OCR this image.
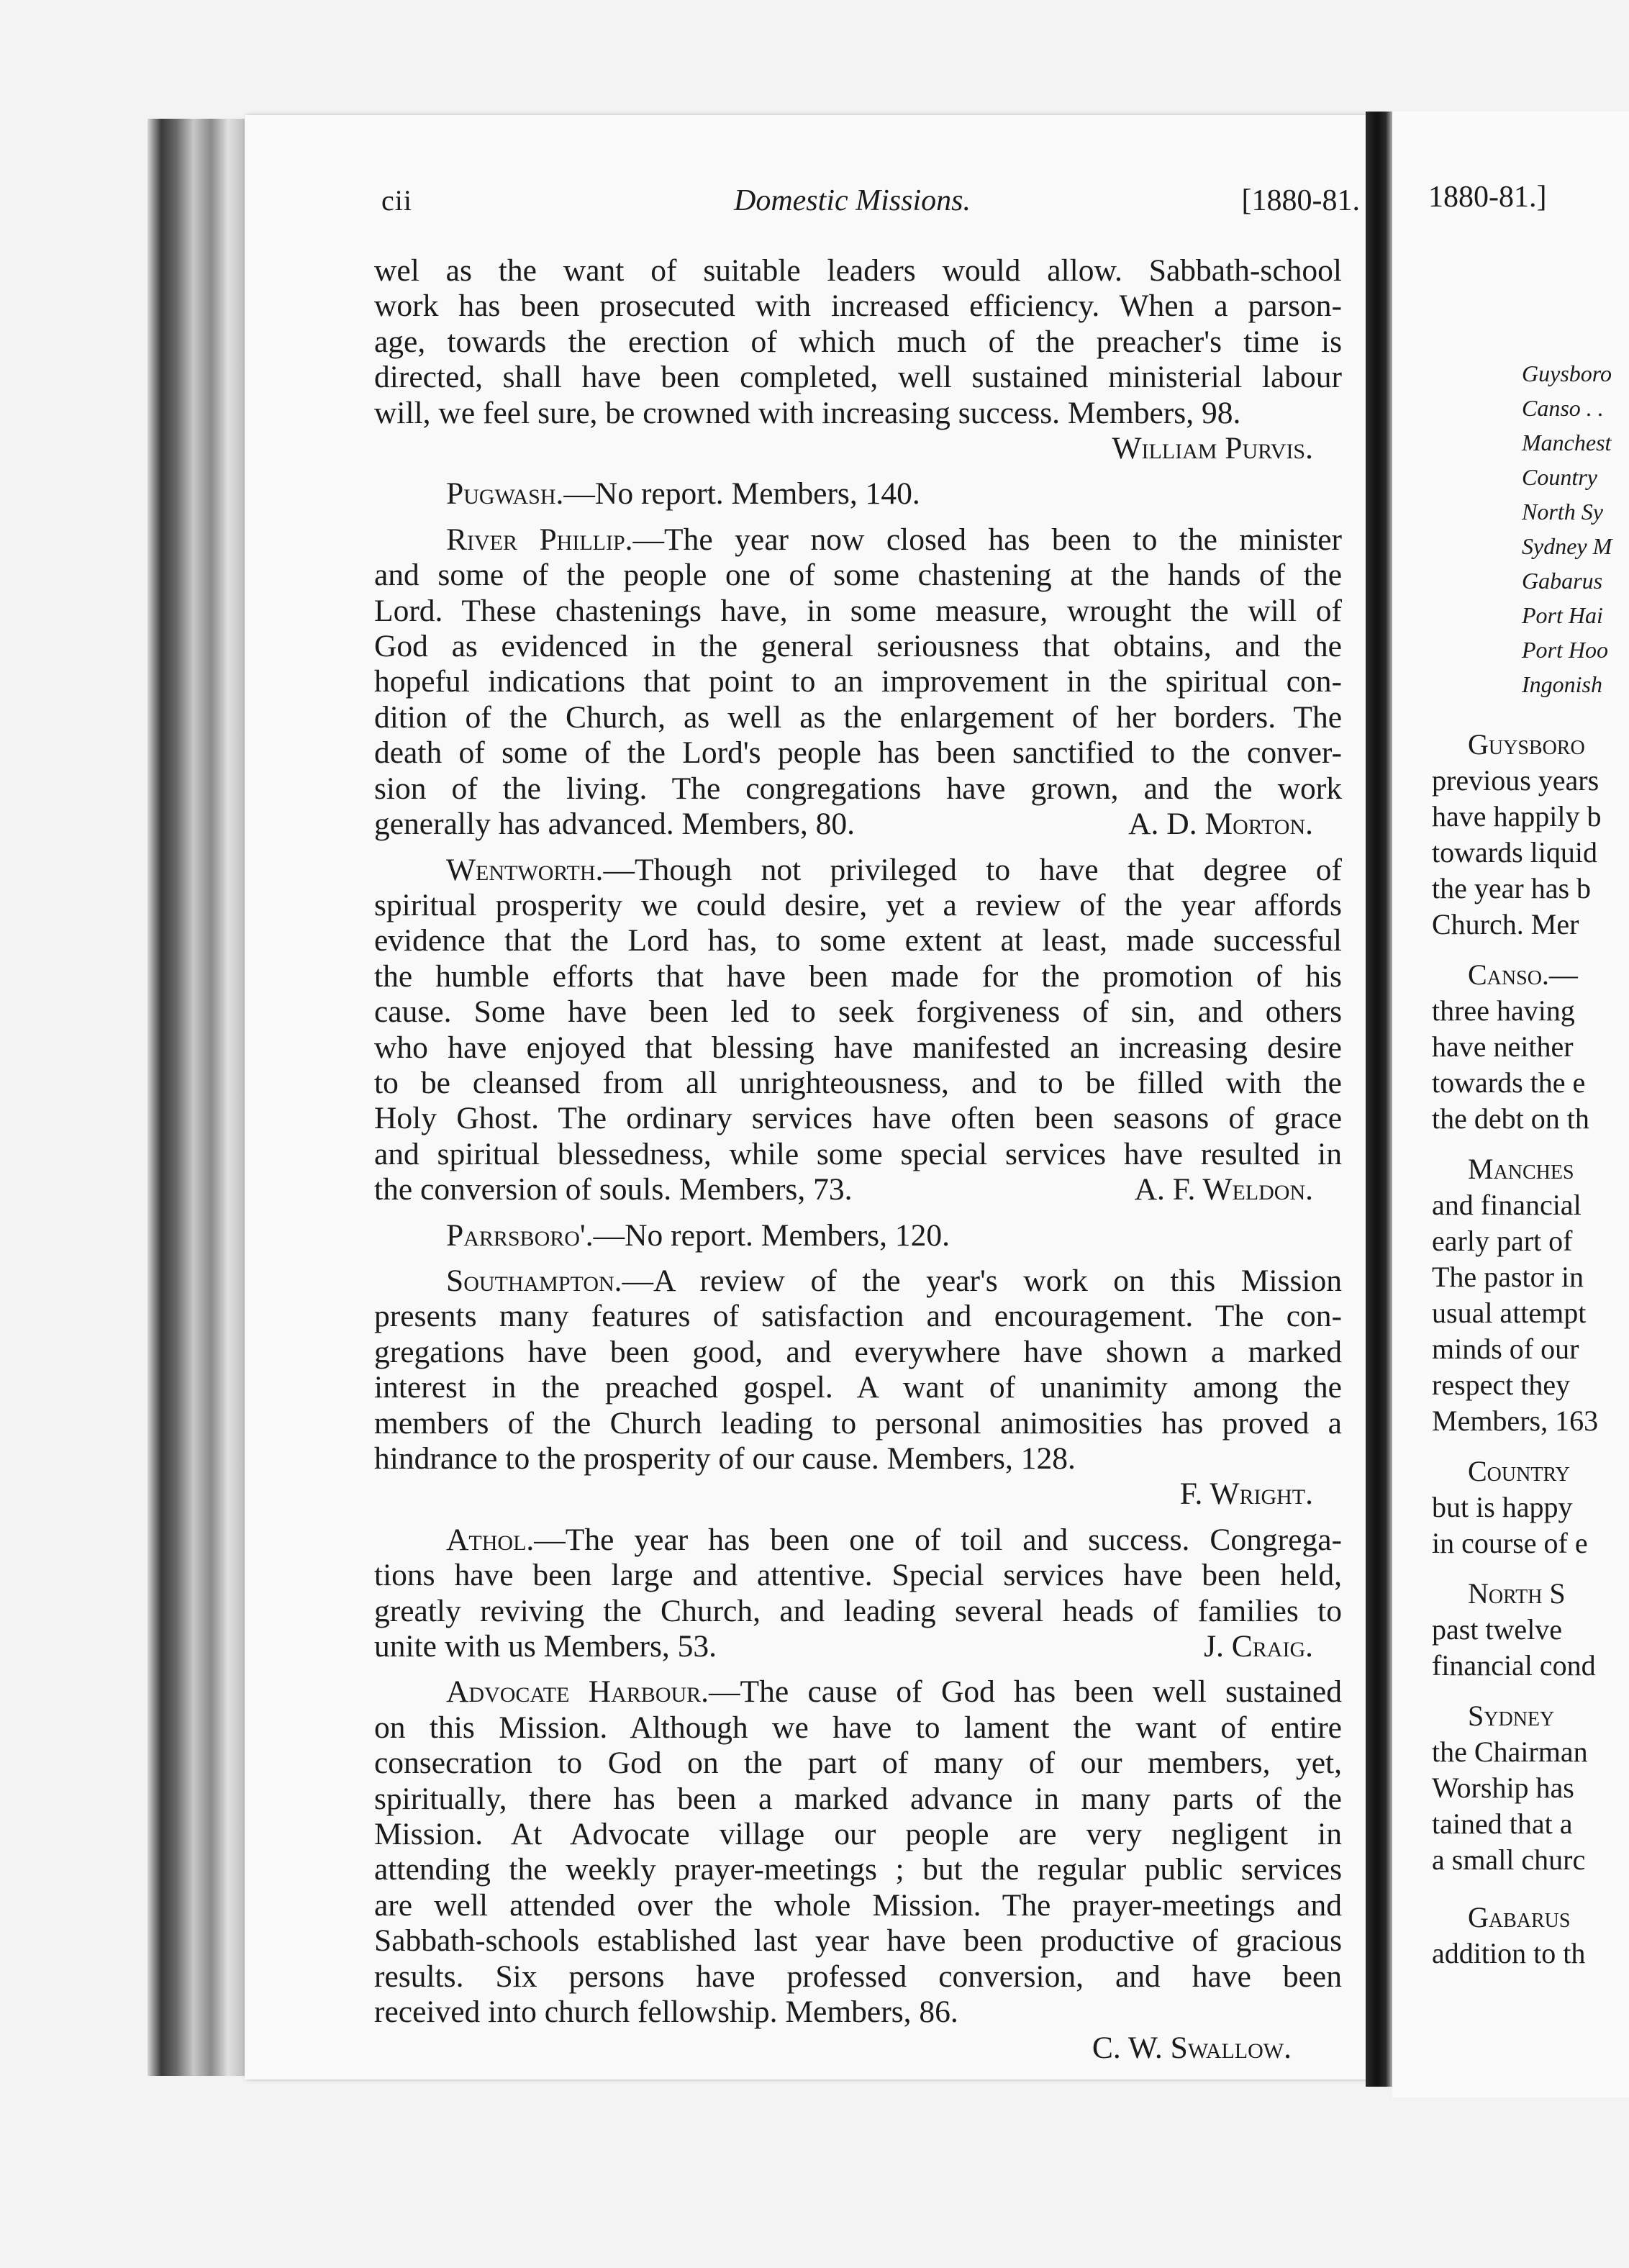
1880-81.]
Guysboro
Canso . .
Manchest
Country
North Sy
Sydney M
Gabarus
Port Hai
Port Hoo
Ingonish
Guysboro
previous years
have happily b
towards liquid
the year has b
Church. Mer
Canso.—
three having
have neither
towards the e
the debt on th
Manches
and financial
early part of
The pastor in
usual attempt
minds of our
respect they
Members, 163
Country
but is happy
in course of e
North S
past twelve
financial cond
Sydney
the Chairman
Worship has
tained that a
a small churc
Gabarus
addition to th
cii	Domestic Missions.	[1880-81.
wel as the want of suitable leaders would allow. Sabbath-school
work has been prosecuted with increased efficiency. When a parson-
age, towards the erection of which much of the preacher's time is
directed, shall have been completed, well sustained ministerial labour
will, we feel sure, be crowned with increasing success. Members, 98.
William Purvis.
Pugwash.—No report. Members, 140.
River Phillip.—The year now closed has been to the minister
and some of the people one of some chastening at the hands of the
Lord. These chastenings have, in some measure, wrought the will of
God as evidenced in the general seriousness that obtains, and the
hopeful indications that point to an improvement in the spiritual con-
dition of the Church, as well as the enlargement of her borders. The
death of some of the Lord's people has been sanctified to the conver-
sion of the living. The congregations have grown, and the work
generally has advanced. Members, 80.	A. D. Morton.
Wentworth.—Though not privileged to have that degree of
spiritual prosperity we could desire, yet a review of the year affords
evidence that the Lord has, to some extent at least, made successful
the humble efforts that have been made for the promotion of his
cause. Some have been led to seek forgiveness of sin, and others
who have enjoyed that blessing have manifested an increasing desire
to be cleansed from all unrighteousness, and to be filled with the
Holy Ghost. The ordinary services have often been seasons of grace
and spiritual blessedness, while some special services have resulted in
the conversion of souls. Members, 73.	A. F. Weldon.
Parrsboro'.—No report. Members, 120.
Southampton.—A review of the year's work on this Mission
presents many features of satisfaction and encouragement. The con-
gregations have been good, and everywhere have shown a marked
interest in the preached gospel. A want of unanimity among the
members of the Church leading to personal animosities has proved a
hindrance to the prosperity of our cause. Members, 128.
F. Wright.
Athol.—The year has been one of toil and success. Congrega-
tions have been large and attentive. Special services have been held,
greatly reviving the Church, and leading several heads of families to
unite with us Members, 53.	J. Craig.
Advocate Harbour.—The cause of God has been well sustained
on this Mission. Although we have to lament the want of entire
consecration to God on the part of many of our members, yet,
spiritually, there has been a marked advance in many parts of the
Mission. At Advocate village our people are very negligent in
attending the weekly prayer-meetings ; but the regular public services
are well attended over the whole Mission. The prayer-meetings and
Sabbath-schools established last year have been productive of gracious
results. Six persons have professed conversion, and have been
received into church fellowship. Members, 86.
C. W. Swallow.
